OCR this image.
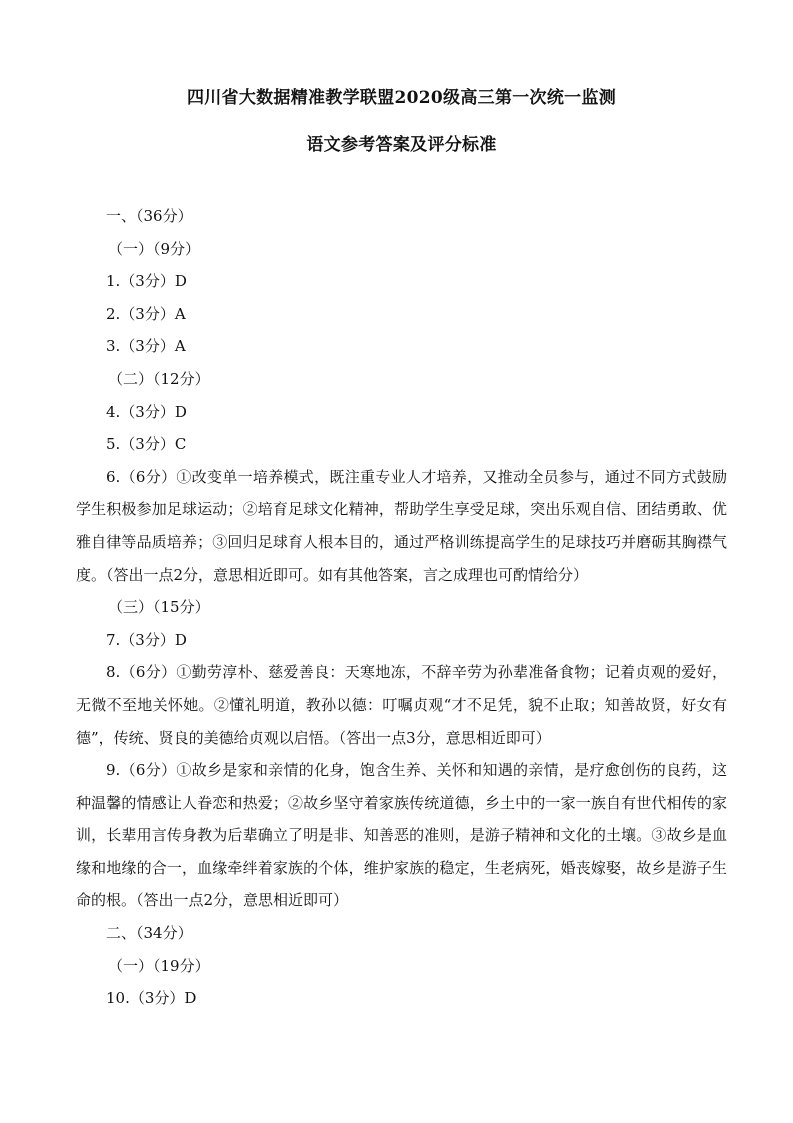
四川省大数据精准教学联盟2020级高三第一次统一监测
语文参考答案及评分标准
一、（36分）
（一）（9分）
1.（3分）D
2.（3分）A
3.（3分）A
（二）（12分）
4.（3分）D
5.（3分）C

6.（6分）①改变单一培养模式，既注重专业人才培养，又推动全员参与，通过不同方式鼓励学生积极参加足球运动；②培育足球文化精神，帮助学生享受足球，突出乐观自信、团结勇敢、优雅自律等品质培养；③回归足球育人根本目的，通过严格训练提高学生的足球技巧并磨砺其胸襟气度。（答出一点2分，意思相近即可。如有其他答案，言之成理也可酌情给分）

（三）（15分）
7.（3分）D

8.（6分）①勤劳淳朴、慈爱善良：天寒地冻，不辞辛劳为孙辈准备食物；记着贞观的爱好，无微不至地关怀她。②懂礼明道，教孙以德：叮嘱贞观“才不足凭，貌不止取；知善故贤，好女有德”，传统、贤良的美德给贞观以启悟。（答出一点3分，意思相近即可）

9.（6分）①故乡是家和亲情的化身，饱含生养、关怀和知遇的亲情，是疗愈创伤的良药，这种温馨的情感让人眷恋和热爱；②故乡坚守着家族传统道德，乡土中的一家一族自有世代相传的家训，长辈用言传身教为后辈确立了明是非、知善恶的准则，是游子精神和文化的土壤。③故乡是血缘和地缘的合一，血缘牵绊着家族的个体，维护家族的稳定，生老病死，婚丧嫁娶，故乡是游子生命的根。（答出一点2分，意思相近即可）

二、（34分）
（一）（19分）
10.（3分）D
